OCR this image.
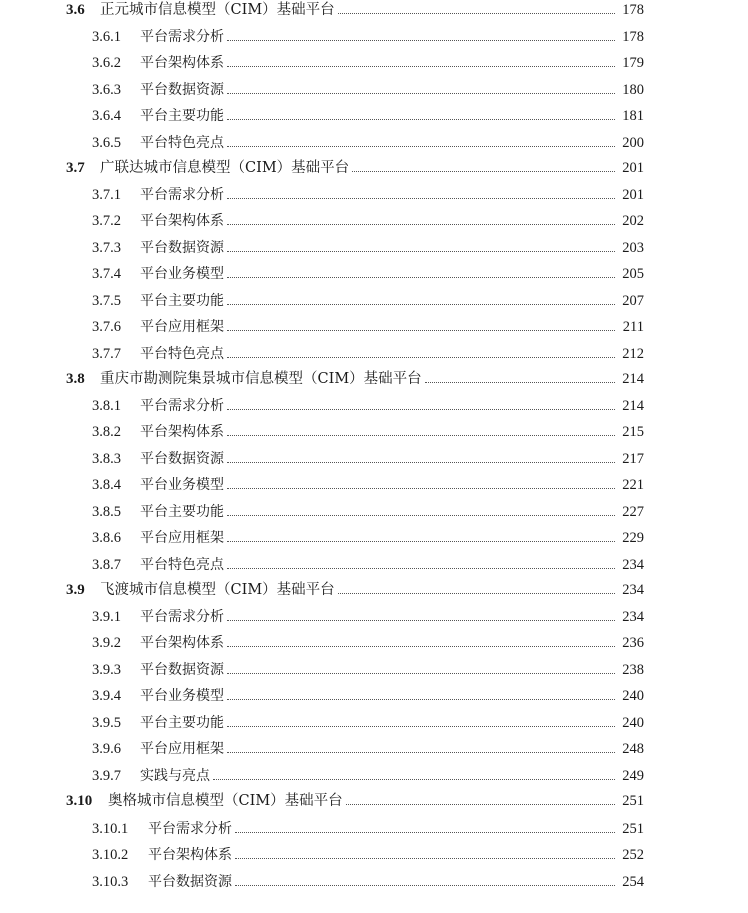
3.6	正元城市信息模型（CIM）基础平台	178
3.6.1	平台需求分析	178
3.6.2	平台架构体系	179
3.6.3	平台数据资源	180
3.6.4	平台主要功能	181
3.6.5	平台特色亮点	200
3.7	广联达城市信息模型（CIM）基础平台	201
3.7.1	平台需求分析	201
3.7.2	平台架构体系	202
3.7.3	平台数据资源	203
3.7.4	平台业务模型	205
3.7.5	平台主要功能	207
3.7.6	平台应用框架	211
3.7.7	平台特色亮点	212
3.8	重庆市勘测院集景城市信息模型（CIM）基础平台	214
3.8.1	平台需求分析	214
3.8.2	平台架构体系	215
3.8.3	平台数据资源	217
3.8.4	平台业务模型	221
3.8.5	平台主要功能	227
3.8.6	平台应用框架	229
3.8.7	平台特色亮点	234
3.9	飞渡城市信息模型（CIM）基础平台	234
3.9.1	平台需求分析	234
3.9.2	平台架构体系	236
3.9.3	平台数据资源	238
3.9.4	平台业务模型	240
3.9.5	平台主要功能	240
3.9.6	平台应用框架	248
3.9.7	实践与亮点	249
3.10	奥格城市信息模型（CIM）基础平台	251
3.10.1	平台需求分析	251
3.10.2	平台架构体系	252
3.10.3	平台数据资源	254
